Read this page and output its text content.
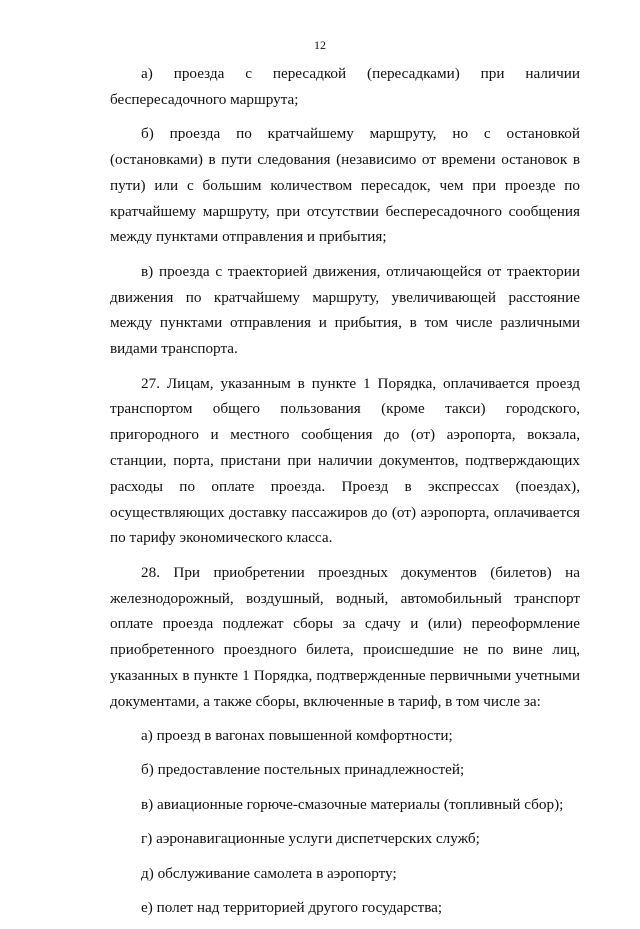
12

а) проезда с пересадкой (пересадками) при наличии беспересадочного маршрута;

б) проезда по кратчайшему маршруту, но с остановкой (остановками) в пути следования (независимо от времени остановок в пути) или с большим количеством пересадок, чем при проезде по кратчайшему маршруту, при отсутствии беспересадочного сообщения между пунктами отправления и прибытия;

в) проезда с траекторией движения, отличающейся от траектории движения по кратчайшему маршруту, увеличивающей расстояние между пунктами отправления и прибытия, в том числе различными видами транспорта.

27. Лицам, указанным в пункте 1 Порядка, оплачивается проезд транспортом общего пользования (кроме такси) городского, пригородного и местного сообщения до (от) аэропорта, вокзала, станции, порта, пристани при наличии документов, подтверждающих расходы по оплате проезда. Проезд в экспрессах (поездах), осуществляющих доставку пассажиров до (от) аэропорта, оплачивается по тарифу экономического класса.

28. При приобретении проездных документов (билетов) на железнодорожный, воздушный, водный, автомобильный транспорт оплате проезда подлежат сборы за сдачу и (или) переоформление приобретенного проездного билета, происшедшие не по вине лиц, указанных в пункте 1 Порядка, подтвержденные первичными учетными документами, а также сборы, включенные в тариф, в том числе за:

а) проезд в вагонах повышенной комфортности;

б) предоставление постельных принадлежностей;

в) авиационные горюче-смазочные материалы (топливный сбор);

г) аэронавигационные услуги диспетчерских служб;

д) обслуживание самолета в аэропорту;

е) полет над территорией другого государства;
